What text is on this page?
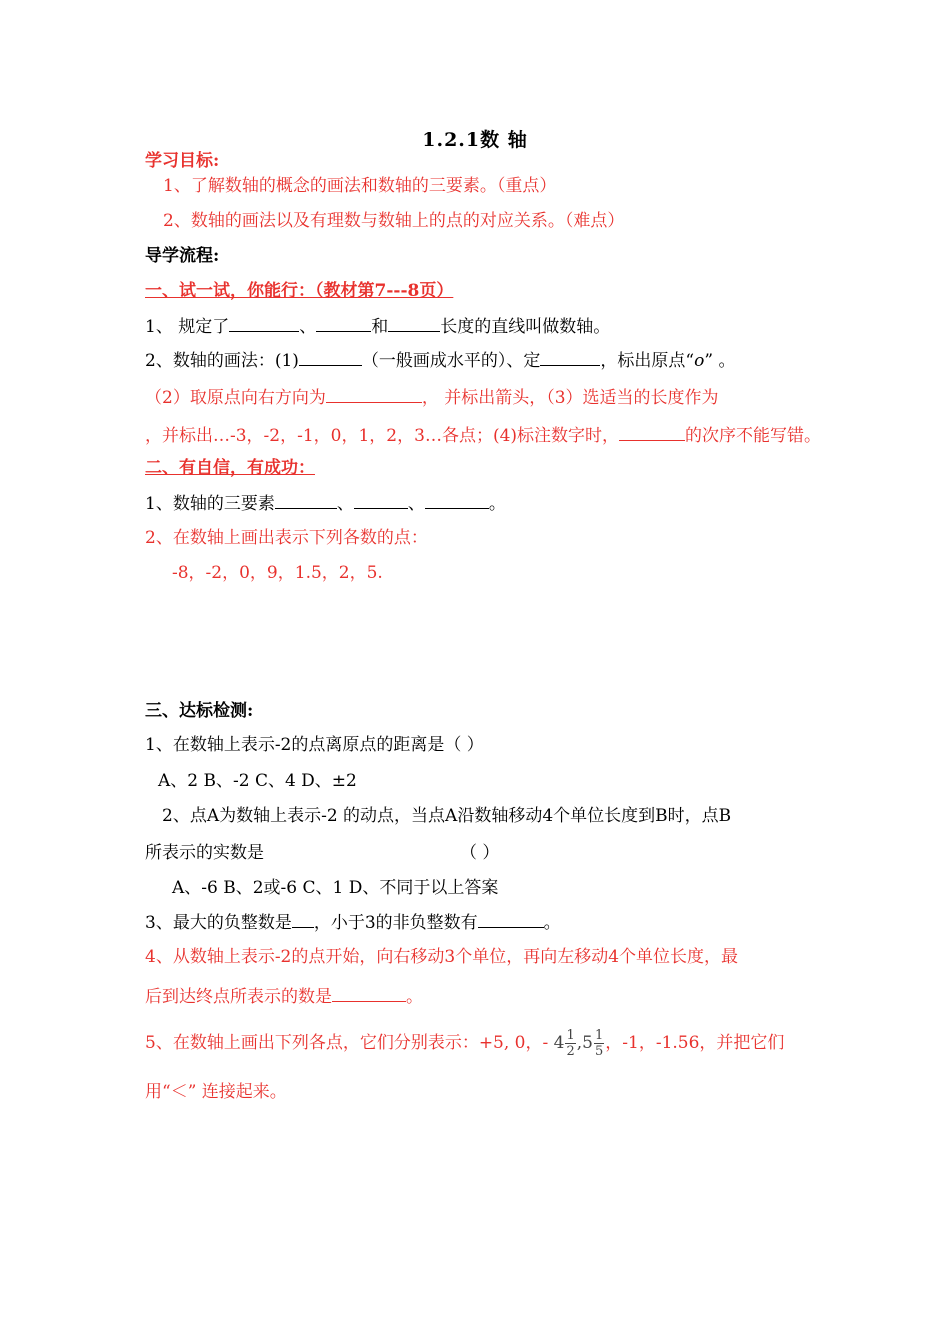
1.2.1数 轴
学习目标:
1、了解数轴的概念的画法和数轴的三要素。（重点）
2、数轴的画法以及有理数与数轴上的点的对应关系。（难点）
导学流程:
一、试一试，你能行：（教材第7---8页）
1、 规定了	、	和	长度的直线叫做数轴。
2、数轴的画法：(1)	（一般画成水平的）、定	，标出原点“o” 。
（2）取原点向右方向为	， 并标出箭头，（3）选适当的长度作为
，并标出…-3，-2，-1，0，1，2，3…各点；(4)标注数字时，	的次序不能写错。
二、有自信，有成功：
1、数轴的三要素	、	、	。
2、在数轴上画出表示下列各数的点：
-8，-2，0，9，1.5，2，5.
三、达标检测:
1、在数轴上表示-2的点离原点的距离是（ ）
A、2 B、-2 C、4 D、±2
2、点A为数轴上表示-2 的动点，当点A沿数轴移动4个单位长度到B时，点B
所表示的实数是	（ ）
A、-6 B、2或-6 C、1 D、不同于以上答案
3、最大的负整数是 ，小于3的非负整数有	。
4、从数轴上表示-2的点开始，向右移动3个单位，再向左移动4个单位长度，最
后到达终点所表示的数是	。
5、在数轴上画出下列各点，它们分别表示：+5, 0，- $4 \frac{1}{2} ,5 \frac{1}{5}$ ，-1，-1.56，并把它们
用“＜” 连接起来。
